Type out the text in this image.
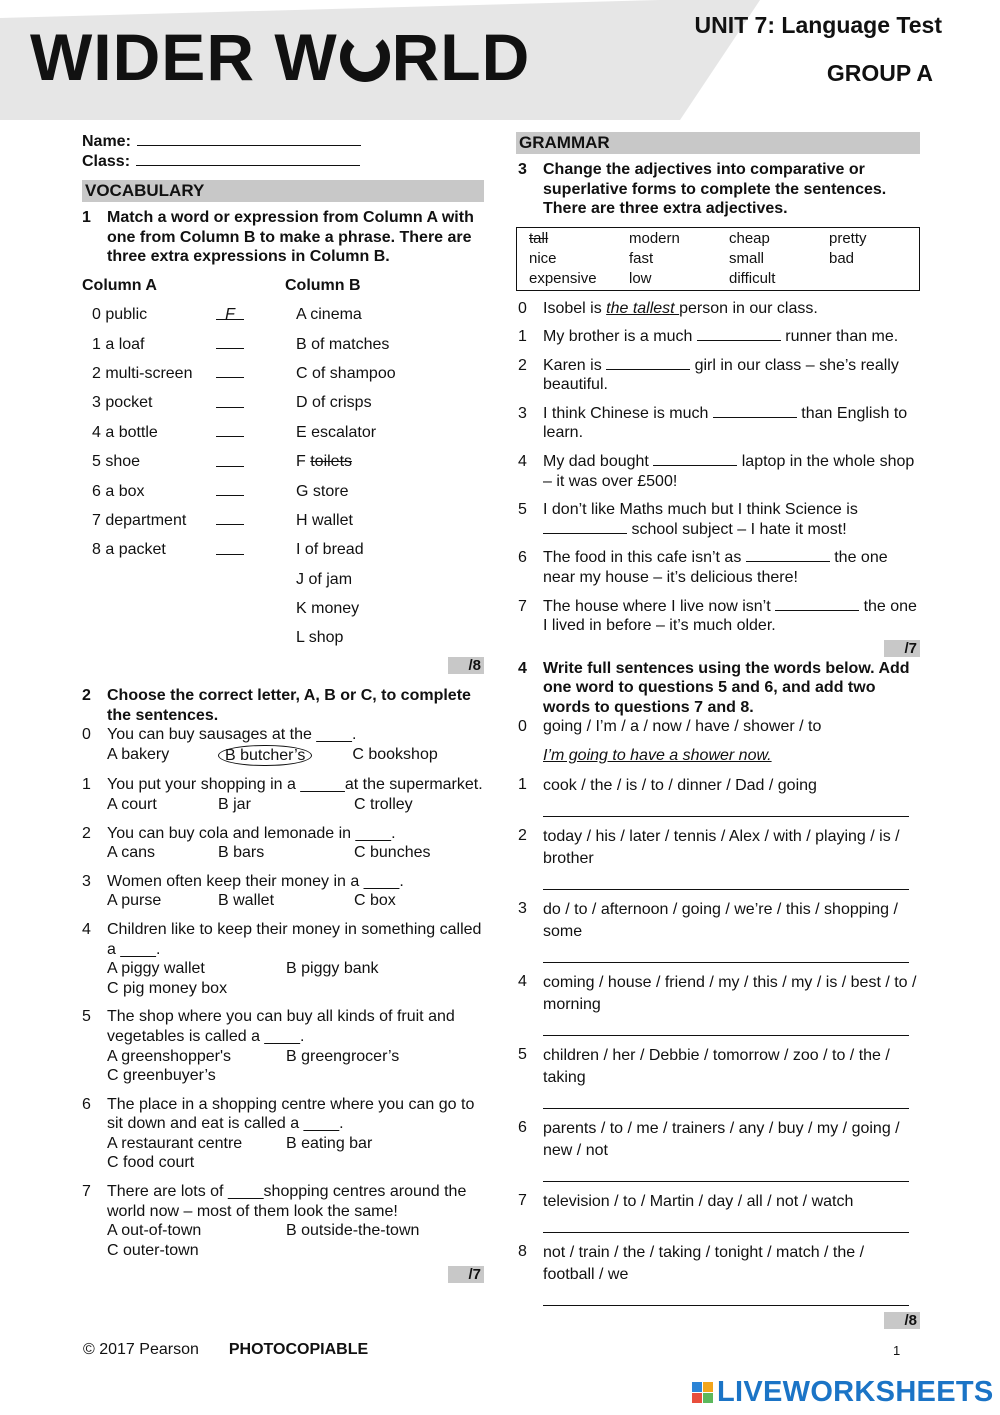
WIDER W RLD	UNIT 7: Language Test
GROUP A
Name:
Class:
VOCABULARY
1	Match a word or expression from Column A with one from Column B to make a phrase. There are three extra expressions in Column B.
Column A	Column B
0 public	F	A cinema
1 a loaf	B of matches
2 multi-screen	C of shampoo
3 pocket	D of crisps
4 a bottle	E escalator
5 shoe	F toilets
6 a box	G store
7 department	H wallet
8 a packet	I of bread
J of jam
K money
L shop
/8
2	Choose the correct letter, A, B or C, to complete the sentences.
0	You can buy sausages at the ____.
A bakery	B butcher’s	C bookshop
1	You put your shopping in a _____at the supermarket.
A court	B jar	C trolley
2	You can buy cola and lemonade in ____.
A cans	B bars	C bunches
3	Women often keep their money in a ____.
A purse	B wallet	C box
4	Children like to keep their money in something called a ____.
A piggy wallet	B piggy bank
C pig money box
5	The shop where you can buy all kinds of fruit and vegetables is called a ____.
A greenshopper's	B greengrocer’s
C greenbuyer’s
6	The place in a shopping centre where you can go to sit down and eat is called a ____.
A restaurant centre	B eating bar
C food court
7	There are lots of ____shopping centres around the world now – most of them look the same!
A out-of-town	B outside-the-town
C outer-town
/7
GRAMMAR
3	Change the adjectives into comparative or superlative forms to complete the sentences. There are three extra adjectives.
tall	modern	cheap	pretty
nice	fast	small	bad
expensive	low	difficult
0	Isobel is the tallest person in our class.
1	My brother is a much	runner than me.
2	Karen is	girl in our class – she’s really beautiful.
3	I think Chinese is much	than English to learn.
4	My dad bought	laptop in the whole shop – it was over £500!
5	I don’t like Maths much but I think Science is  school subject – I hate it most!
6	The food in this cafe isn’t as	the one near my house – it’s delicious there!
7	The house where I live now isn’t	the one I lived in before – it’s much older.
/7
4	Write full sentences using the words below. Add one word to questions 5 and 6, and add two words to questions 7 and 8.
0	going / I’m / a / now / have / shower / to
I’m going to have a shower now.
1	cook / the / is / to / dinner / Dad / going
2	today / his / later / tennis / Alex / with / playing / is / brother
3	do / to / afternoon / going / we’re / this / shopping / some
4	coming / house / friend / my / this / my / is / best / to / morning
5	children / her / Debbie / tomorrow / zoo / to / the / taking
6	parents / to / me / trainers / any / buy / my / going / new / not
7	television / to / Martin / day / all / not / watch
8	not / train / the / taking / tonight / match / the / football / we
/8
© 2017 Pearson PHOTOCOPIABLE	1
LIVEWORKSHEETS
